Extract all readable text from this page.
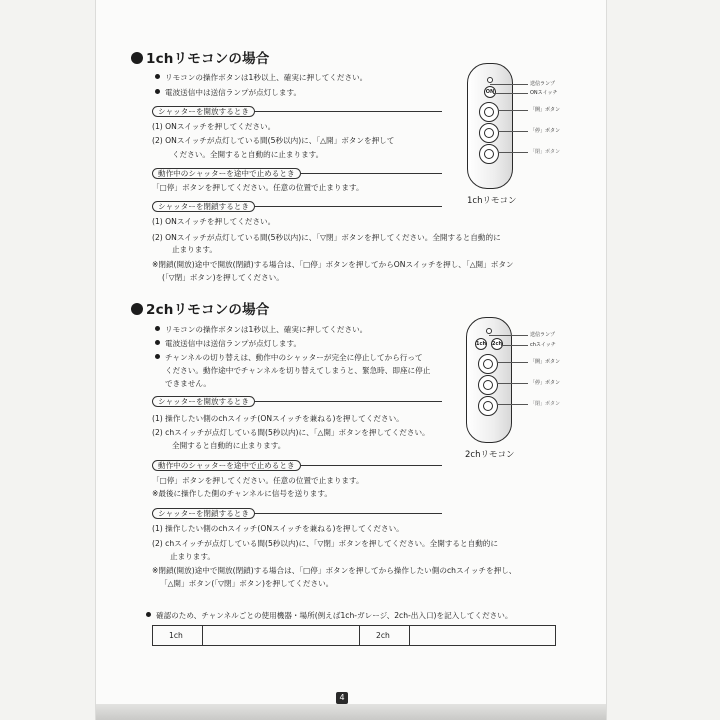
1chリモコンの場合
リモコンの操作ボタンは1秒以上、確実に押してください。
電波送信中は送信ランプが点灯します。
シャッターを開放するとき
(1) ONスイッチを押してください。
(2) ONスイッチが点灯している間(5秒以内)に、「△開」ボタンを押して
ください。全開すると自動的に止まります。
動作中のシャッターを途中で止めるとき
「□停」ボタンを押してください。任意の位置で止まります。
シャッターを閉鎖するとき
(1) ONスイッチを押してください。
(2) ONスイッチが点灯している間(5秒以内)に、「▽閉」ボタンを押してください。全開すると自動的に
止まります。
※閉鎖(開放)途中で開放(閉鎖)する場合は、「□停」ボタンを押してからONスイッチを押し、「△開」ボタン
(「▽閉」ボタン)を押してください。
ON
送信ランプ
ONスイッチ
「開」ボタン
「停」ボタン
「閉」ボタン
1chリモコン
2chリモコンの場合
リモコンの操作ボタンは1秒以上、確実に押してください。
電波送信中は送信ランプが点灯します。
チャンネルの切り替えは、動作中のシャッターが完全に停止してから行って
ください。動作途中でチャンネルを切り替えてしまうと、緊急時、即座に停止
できません。
シャッターを開放するとき
(1) 操作したい側のchスイッチ(ONスイッチを兼ねる)を押してください。
(2) chスイッチが点灯している間(5秒以内)に、「△開」ボタンを押してください。
全開すると自動的に止まります。
動作中のシャッターを途中で止めるとき
「□停」ボタンを押してください。任意の位置で止まります。
※最後に操作した側のチャンネルに信号を送ります。
シャッターを閉鎖するとき
(1) 操作したい側のchスイッチ(ONスイッチを兼ねる)を押してください。
(2) chスイッチが点灯している間(5秒以内)に、「▽閉」ボタンを押してください。全開すると自動的に
止まります。
※閉鎖(開放)途中で開放(閉鎖)する場合は、「□停」ボタンを押してから操作したい側のchスイッチを押し、
「△開」ボタン(「▽閉」ボタン)を押してください。
1ch 2ch
送信ランプ
chスイッチ
「開」ボタン
「停」ボタン
「閉」ボタン
2chリモコン
確認のため、チャンネルごとの使用機器・場所(例えば1ch-ガレージ、2ch-出入口)を記入してください。
1ch		2ch	
4
